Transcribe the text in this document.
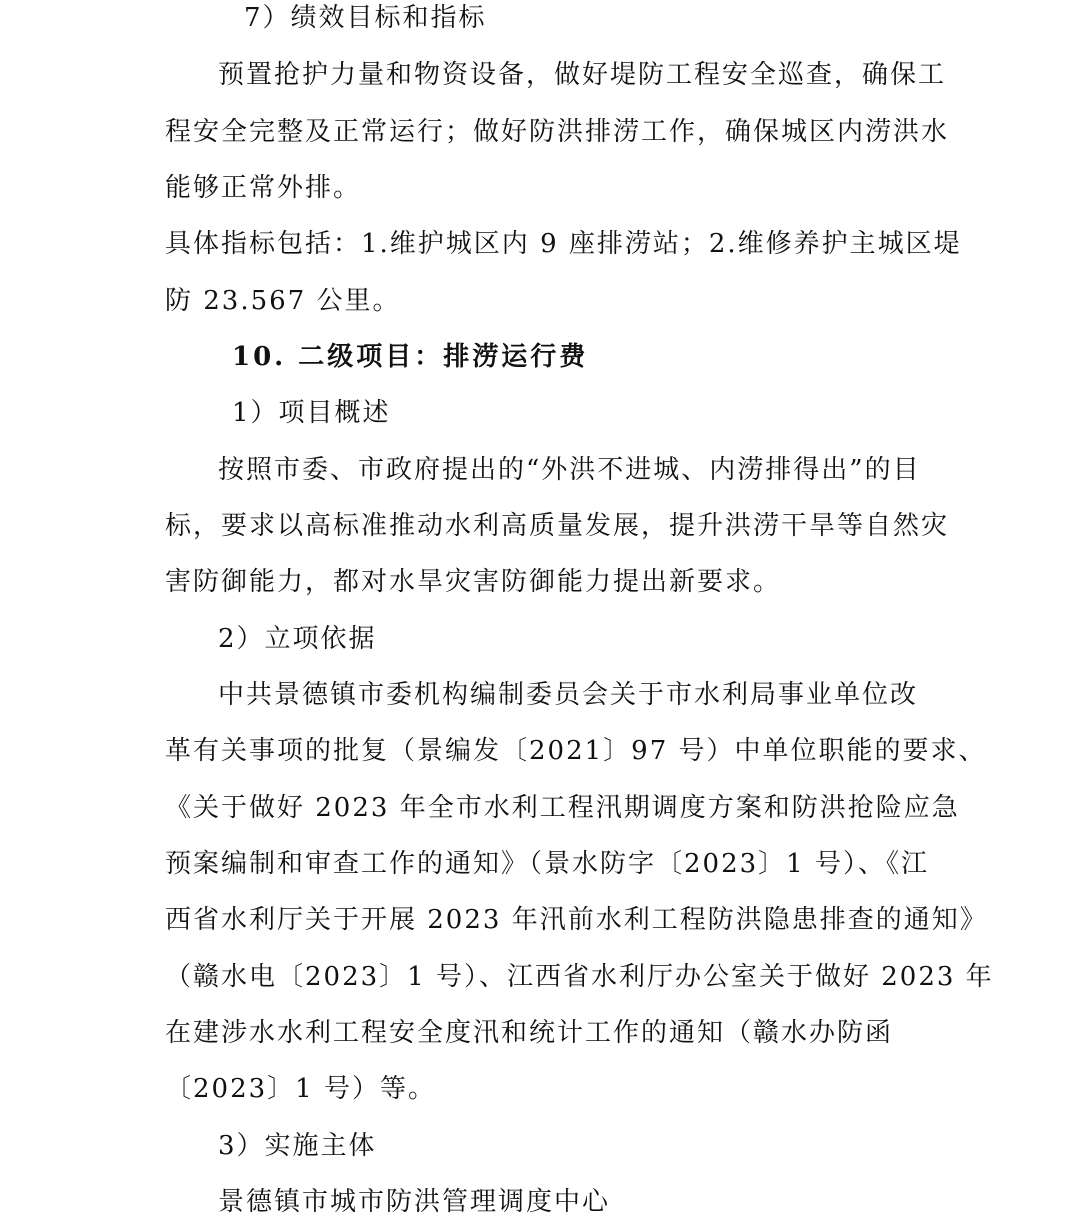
7）绩效目标和指标
预置抢护力量和物资设备，做好堤防工程安全巡查，确保工
程安全完整及正常运行；做好防洪排涝工作，确保城区内涝洪水
能够正常外排。
具体指标包括：1.维护城区内 9 座排涝站；2.维修养护主城区堤
防 23.567 公里。
10. 二级项目：排涝运行费
1）项目概述
按照市委、市政府提出的“外洪不进城、内涝排得出”的目
标，要求以高标准推动水利高质量发展，提升洪涝干旱等自然灾
害防御能力，都对水旱灾害防御能力提出新要求。
2）立项依据
中共景德镇市委机构编制委员会关于市水利局事业单位改
革有关事项的批复（景编发〔2021〕97 号）中单位职能的要求、
《关于做好 2023 年全市水利工程汛期调度方案和防洪抢险应急
预案编制和审查工作的通知》（景水防字〔2023〕1 号）、《江
西省水利厅关于开展 2023 年汛前水利工程防洪隐患排查的通知》
（赣水电〔2023〕1 号）、江西省水利厅办公室关于做好 2023 年
在建涉水水利工程安全度汛和统计工作的通知（赣水办防函
〔2023〕1 号）等。
3）实施主体
景德镇市城市防洪管理调度中心
